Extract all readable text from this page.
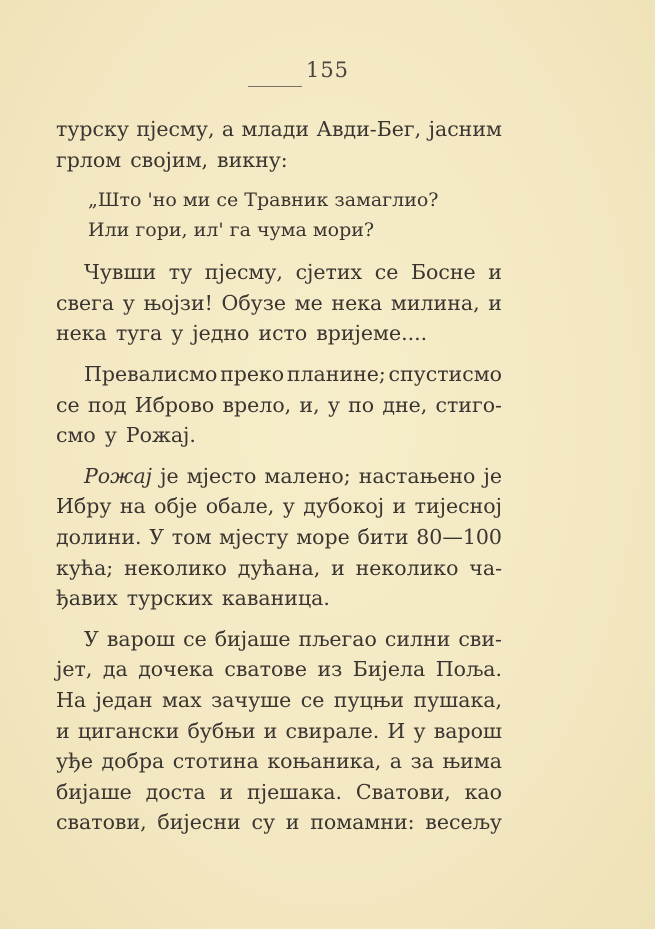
155
турску пјесму, а млади Авди-Бег, јасним
грлом својим, викну:
„Што 'но ми се Травник замаглио?
Или гори, ил' га чума мори?
Чувши ту пјесму, сјетих се Босне и
свега у њојзи! Обузе ме нека милина, и
нека туга у једно исто вријеме....
Превалисмо преко планине; спустисмо
се под Иброво врело, и, у по дне, стиго-
смо у Рожај.
Рожај је мјесто малено; настањено је
Ибру на обје обале, у дубокој и тијесној
долини. У том мјесту море бити 80—100
кућа; неколико дућана, и неколико ча-
ђавих турских каваница.
У варош се бијаше пљегао силни сви-
јет, да дочека сватове из Бијела Поља.
На један мах зачуше се пуцњи пушака,
и цигански бубњи и свирале. И у варош
уђе добра стотина коњаника, а за њима
бијаше доста и пјешака. Сватови, као
сватови, бијесни су и помамни: весељу
